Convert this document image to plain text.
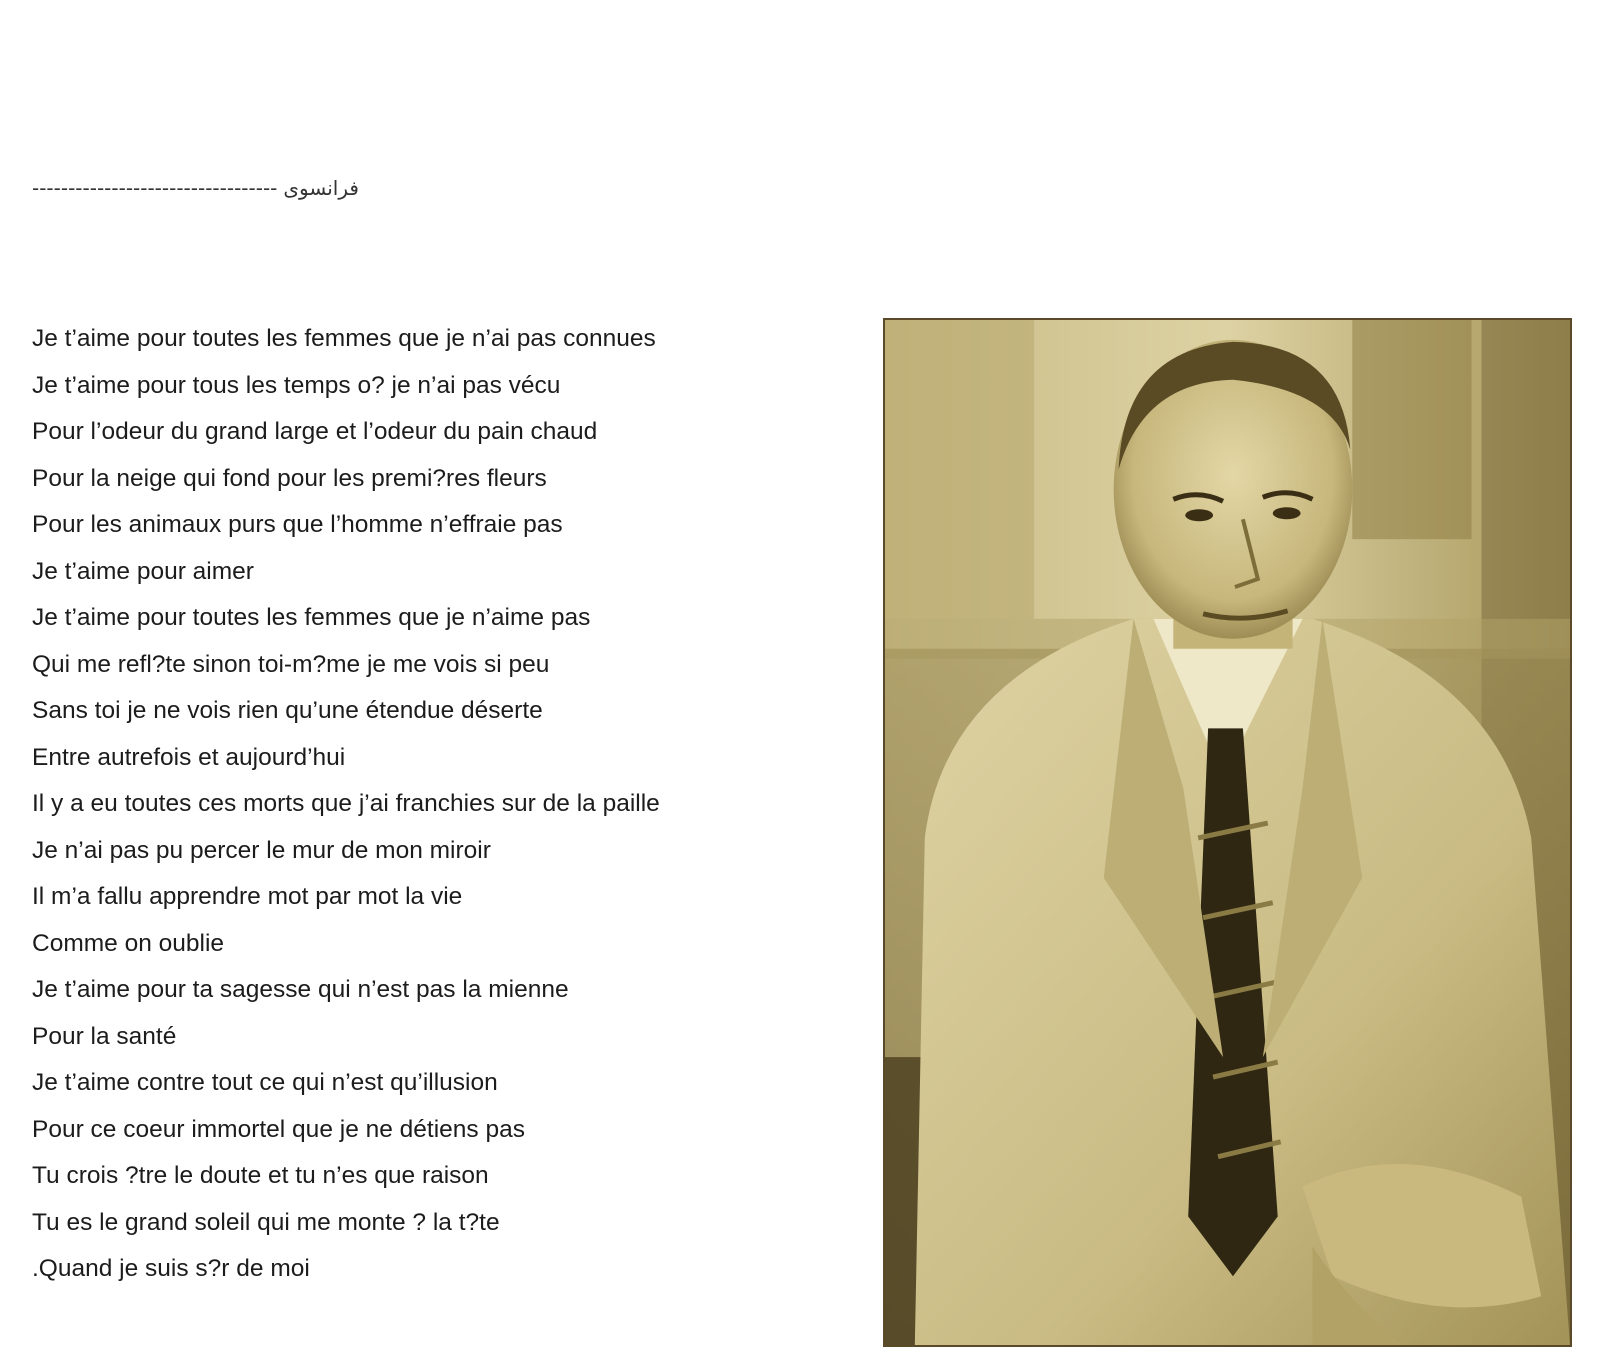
---------------------------------- فرانسوی
Je t’aime pour toutes les femmes que je n’ai pas connues
Je t’aime pour tous les temps o? je n’ai pas vécu
Pour l’odeur du grand large et l’odeur du pain chaud
Pour la neige qui fond pour les premi?res fleurs
Pour les animaux purs que l’homme n’effraie pas
Je t’aime pour aimer
Je t’aime pour toutes les femmes que je n’aime pas
Qui me refl?te sinon toi-m?me je me vois si peu
Sans toi je ne vois rien qu’une étendue déserte
Entre autrefois et aujourd’hui
Il y a eu toutes ces morts que j’ai franchies sur de la paille
Je n’ai pas pu percer le mur de mon miroir
Il m’a fallu apprendre mot par mot la vie
Comme on oublie
Je t’aime pour ta sagesse qui n’est pas la mienne
Pour la santé
Je t’aime contre tout ce qui n’est qu’illusion
Pour ce coeur immortel que je ne détiens pas
Tu crois ?tre le doute et tu n’es que raison
Tu es le grand soleil qui me monte ? la t?te
.Quand je suis s?r de moi
